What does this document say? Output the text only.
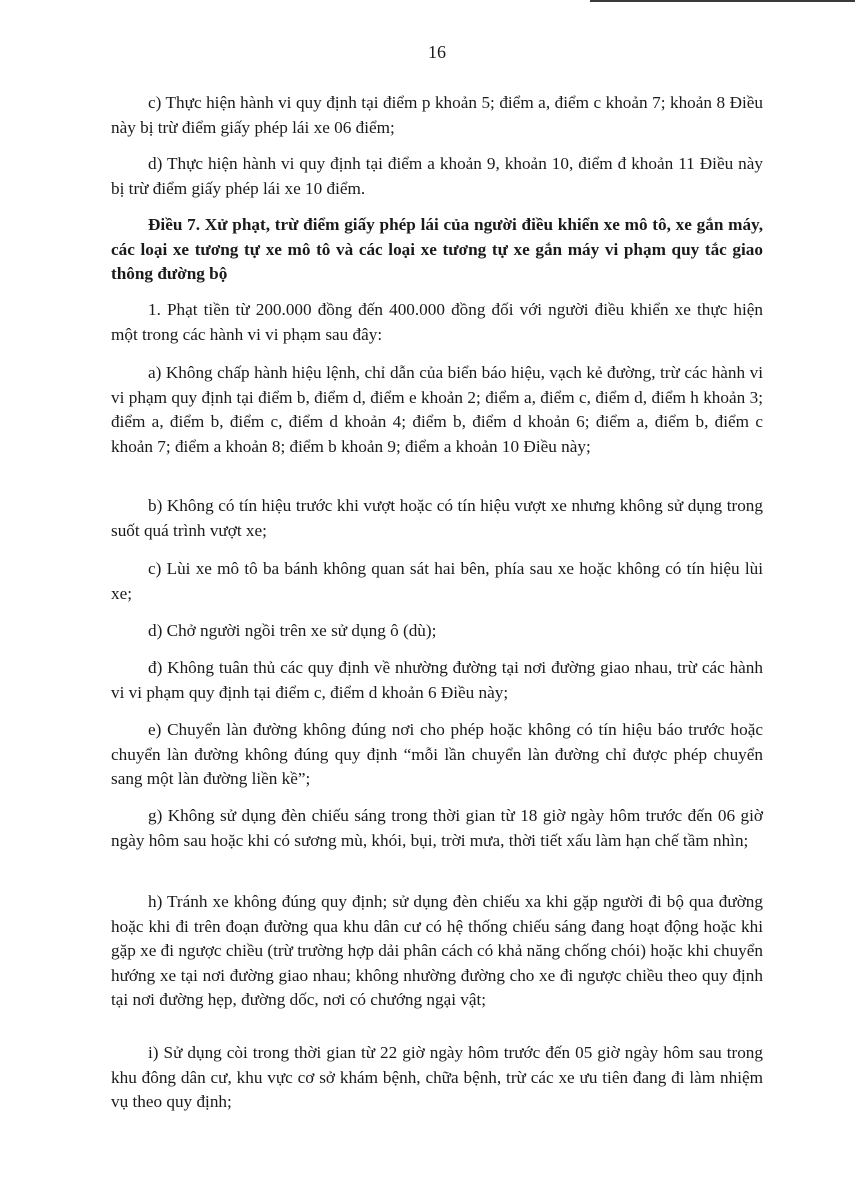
16

c) Thực hiện hành vi quy định tại điểm p khoản 5; điểm a, điểm c khoản 7; khoản 8 Điều này bị trừ điểm giấy phép lái xe 06 điểm;

d) Thực hiện hành vi quy định tại điểm a khoản 9, khoản 10, điểm đ khoản 11 Điều này bị trừ điểm giấy phép lái xe 10 điểm.

Điều 7. Xử phạt, trừ điểm giấy phép lái của người điều khiển xe mô tô, xe gắn máy, các loại xe tương tự xe mô tô và các loại xe tương tự xe gắn máy vi phạm quy tắc giao thông đường bộ

1. Phạt tiền từ 200.000 đồng đến 400.000 đồng đối với người điều khiển xe thực hiện một trong các hành vi vi phạm sau đây:

a) Không chấp hành hiệu lệnh, chỉ dẫn của biển báo hiệu, vạch kẻ đường, trừ các hành vi vi phạm quy định tại điểm b, điểm d, điểm e khoản 2; điểm a, điểm c, điểm d, điểm h khoản 3; điểm a, điểm b, điểm c, điểm d khoản 4; điểm b, điểm d khoản 6; điểm a, điểm b, điểm c khoản 7; điểm a khoản 8; điểm b khoản 9; điểm a khoản 10 Điều này;

b) Không có tín hiệu trước khi vượt hoặc có tín hiệu vượt xe nhưng không sử dụng trong suốt quá trình vượt xe;

c) Lùi xe mô tô ba bánh không quan sát hai bên, phía sau xe hoặc không có tín hiệu lùi xe;

d) Chở người ngồi trên xe sử dụng ô (dù);

đ) Không tuân thủ các quy định về nhường đường tại nơi đường giao nhau, trừ các hành vi vi phạm quy định tại điểm c, điểm d khoản 6 Điều này;

e) Chuyển làn đường không đúng nơi cho phép hoặc không có tín hiệu báo trước hoặc chuyển làn đường không đúng quy định “mỗi lần chuyển làn đường chỉ được phép chuyển sang một làn đường liền kề”;

g) Không sử dụng đèn chiếu sáng trong thời gian từ 18 giờ ngày hôm trước đến 06 giờ ngày hôm sau hoặc khi có sương mù, khói, bụi, trời mưa, thời tiết xấu làm hạn chế tầm nhìn;

h) Tránh xe không đúng quy định; sử dụng đèn chiếu xa khi gặp người đi bộ qua đường hoặc khi đi trên đoạn đường qua khu dân cư có hệ thống chiếu sáng đang hoạt động hoặc khi gặp xe đi ngược chiều (trừ trường hợp dải phân cách có khả năng chống chói) hoặc khi chuyển hướng xe tại nơi đường giao nhau; không nhường đường cho xe đi ngược chiều theo quy định tại nơi đường hẹp, đường dốc, nơi có chướng ngại vật;

i) Sử dụng còi trong thời gian từ 22 giờ ngày hôm trước đến 05 giờ ngày hôm sau trong khu đông dân cư, khu vực cơ sở khám bệnh, chữa bệnh, trừ các xe ưu tiên đang đi làm nhiệm vụ theo quy định;
